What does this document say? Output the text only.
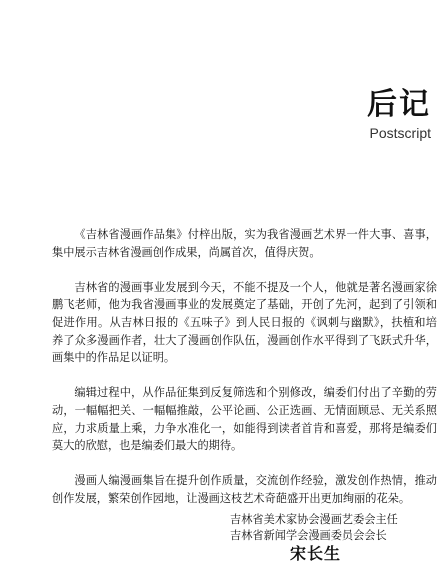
后记
Postscript

《吉林省漫画作品集》付梓出版，实为我省漫画艺术界一件大事、喜事，集中展示吉林省漫画创作成果，尚属首次，值得庆贺。

吉林省的漫画事业发展到今天，不能不提及一个人，他就是著名漫画家徐鹏飞老师，他为我省漫画事业的发展奠定了基础，开创了先河，起到了引领和促进作用。从吉林日报的《五味子》到人民日报的《讽刺与幽默》，扶植和培养了众多漫画作者，壮大了漫画创作队伍，漫画创作水平得到了飞跃式升华，画集中的作品足以证明。

编辑过程中，从作品征集到反复筛选和个别修改，编委们付出了辛勤的劳动，一幅幅把关、一幅幅推敲，公平论画、公正选画、无情面顾忌、无关系照应，力求质量上乘，力争水准化一，如能得到读者首肯和喜爱，那将是编委们莫大的欣慰，也是编委们最大的期待。

漫画人编漫画集旨在提升创作质量，交流创作经验，激发创作热情，推动创作发展，繁荣创作园地，让漫画这枝艺术奇葩盛开出更加绚丽的花朵。

吉林省美术家协会漫画艺委会主任
吉林省新闻学会漫画委员会会长
宋长生
